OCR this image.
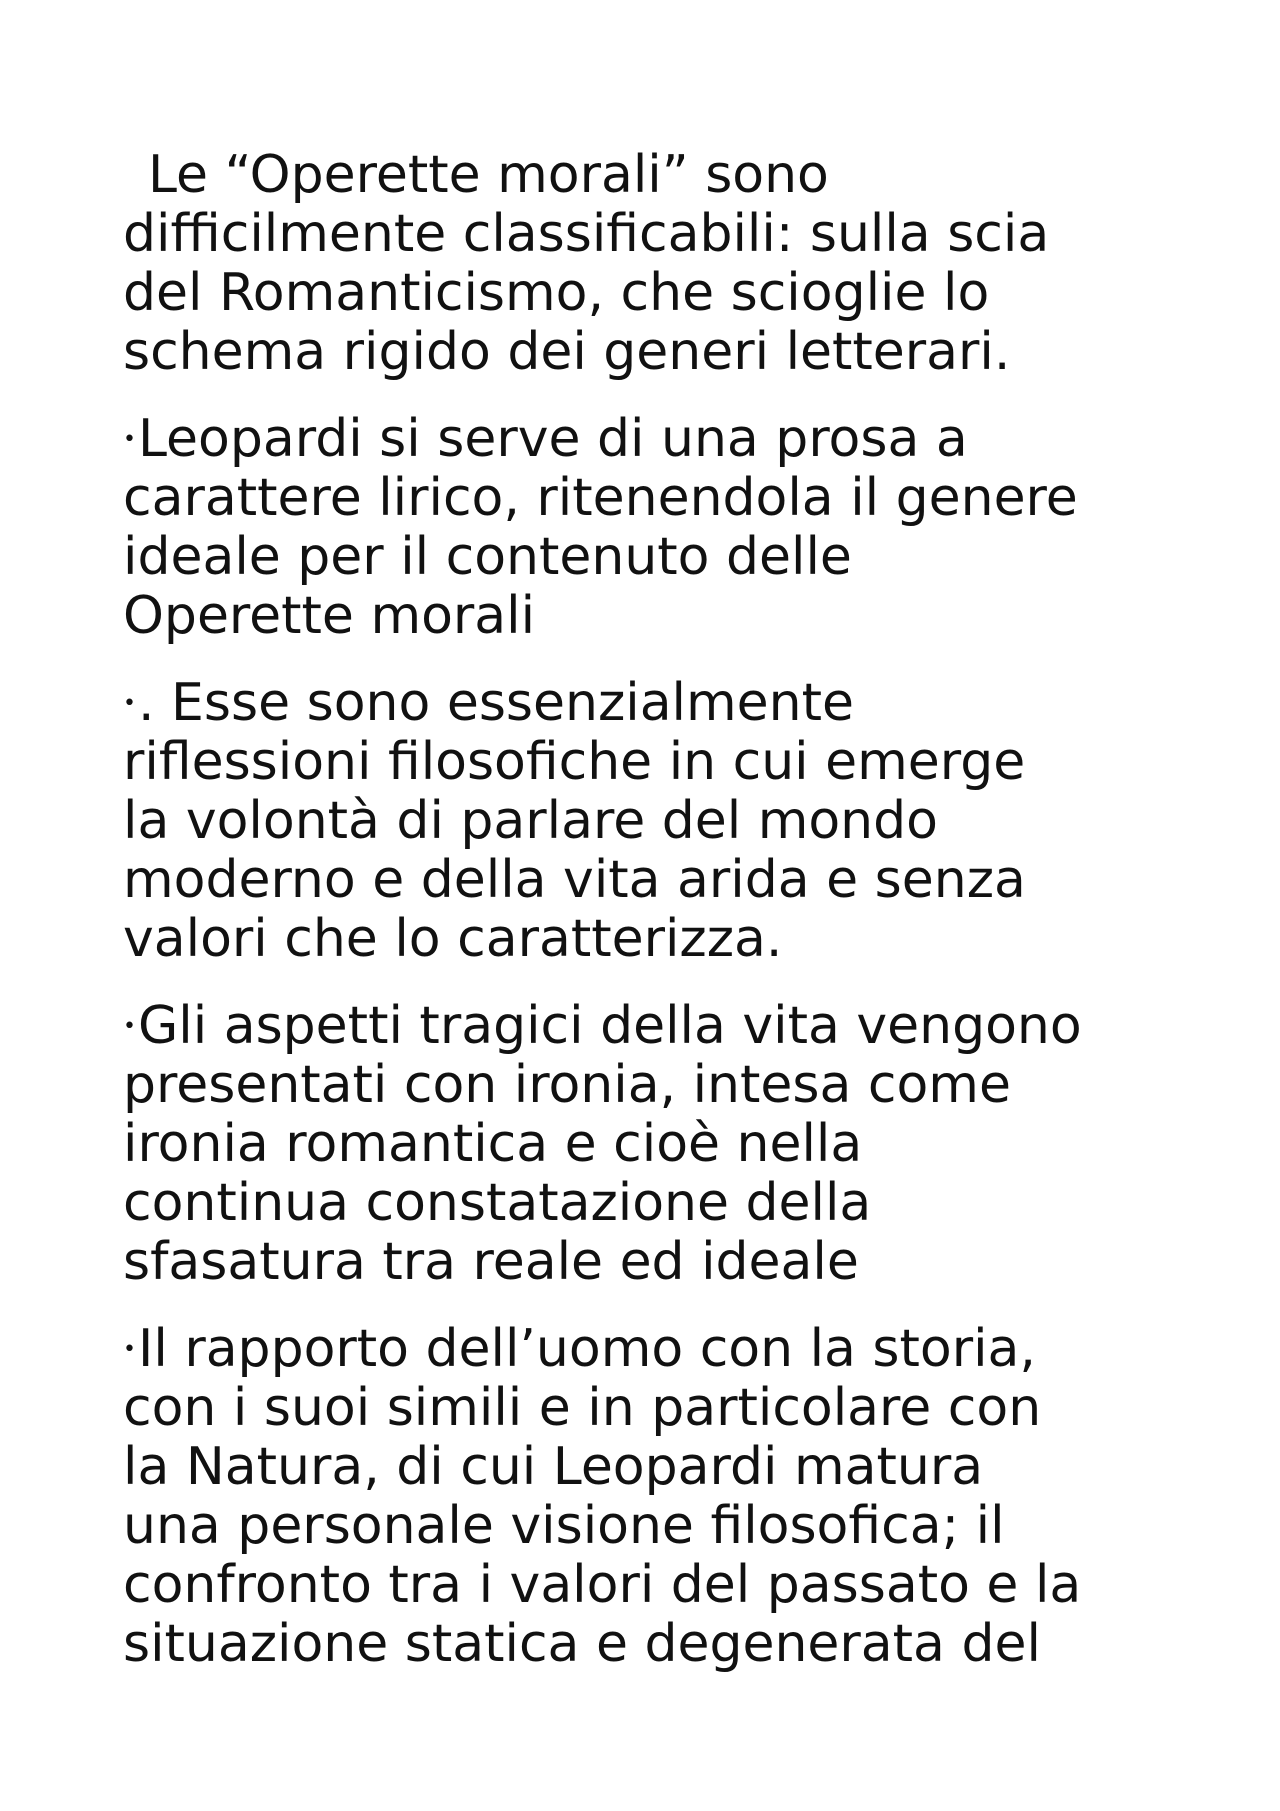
Le “Operette morali” sono
difficilmente classificabili: sulla scia
del Romanticismo, che scioglie lo
schema rigido dei generi letterari.
•Leopardi si serve di una prosa a
carattere lirico, ritenendola il genere
ideale per il contenuto delle
Operette morali
•. Esse sono essenzialmente
riflessioni filosofiche in cui emerge
la volontà di parlare del mondo
moderno e della vita arida e senza
valori che lo caratterizza.
•Gli aspetti tragici della vita vengono
presentati con ironia, intesa come
ironia romantica e cioè nella
continua constatazione della
sfasatura tra reale ed ideale
•Il rapporto dell’uomo con la storia,
con i suoi simili e in particolare con
la Natura, di cui Leopardi matura
una personale visione filosofica; il
confronto tra i valori del passato e la
situazione statica e degenerata del
